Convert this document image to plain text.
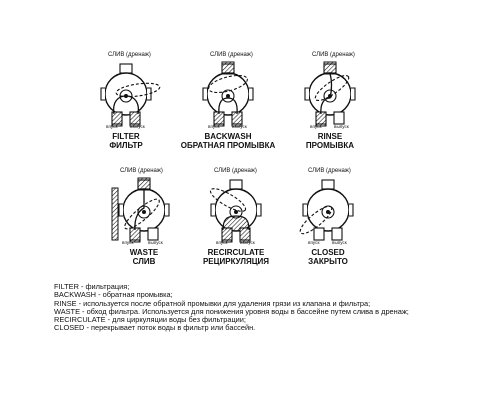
СЛИВ (дренаж)
впуск	выпуск
FILTER
ФИЛЬТР
СЛИВ (дренаж)
впуск	выпуск
BACKWASH
ОБРАТНАЯ ПРОМЫВКА
СЛИВ (дренаж)
впуск	выпуск
RINSE
ПРОМЫВКА
СЛИВ (дренаж)
впуск	выпуск
WASTE
СЛИВ
СЛИВ (дренаж)
впуск	выпуск
RECIRCULATE
РЕЦИРКУЛЯЦИЯ
СЛИВ (дренаж)
впуск	выпуск
CLOSED
ЗАКРЫТО
FILTER - фильтрация;
BACKWASH - обратная промывка;
RINSE - используется после обратной промывки для удаления грязи из клапана и фильтра;
WASTE - обход фильтра. Используется для понижения уровня воды в бассейне путем слива в дренаж;
RECIRCULATE - для циркуляции воды без фильтрации;
CLOSED - перекрывает поток воды в фильтр или бассейн.
